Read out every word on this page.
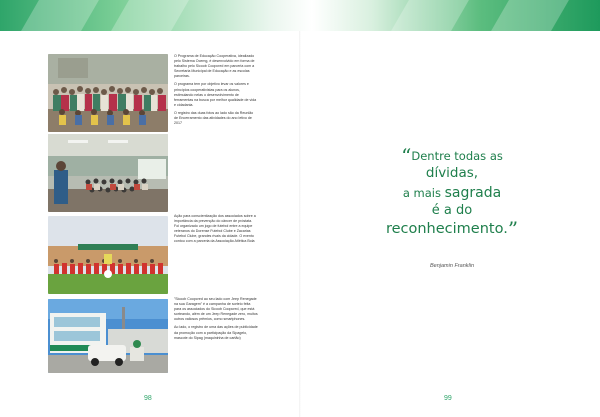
O Programa de Educação Cooperativa, idealizado pelo Sistema Ocemg, é desenvolvido em forma de trabalho pelo Sicoob Coopcred em parceria com a Secretaria Municipal de Educação e as escolas parceiras.

O programa tem por objetivo levar os valores e princípios cooperativistas para os alunos, estimulando nelas o desenvolvimento de ferramentas na busca por melhor qualidade de vida e cidadania.

O registro das duas fotos ao lado são da Reunião de Encerramento das atividades do ano letivo de 2017

Ação para conscientização dos associados sobre a importância da prevenção do câncer de próstata. Foi organizado um jogo de futebol entre a equipe veteranos do Dorense Futebol Clube e Zacarias Futebol Clube, grandes rivais da cidade. O evento contou com a parceria da Associação Atlética Bola

"Sicoob Coopcred ao seu lado com Jeep Renegade na sua Garagem" é a campanha de sorteio feita para os associados do Sicoob Coopcred, que está sorteando, além de um Jeep Renegade zero, muitos outros valiosos prêmios, como smartphones.

Ao lado, o registro de uma das ações de publicidade da promoção com a participação da Sipagelo, mascote do Sipag (maquininha de cartão)

98
“Dentre todas as
dívidas,
a mais sagrada
é a do
reconhecimento.”
Benjamin Franklin
99
